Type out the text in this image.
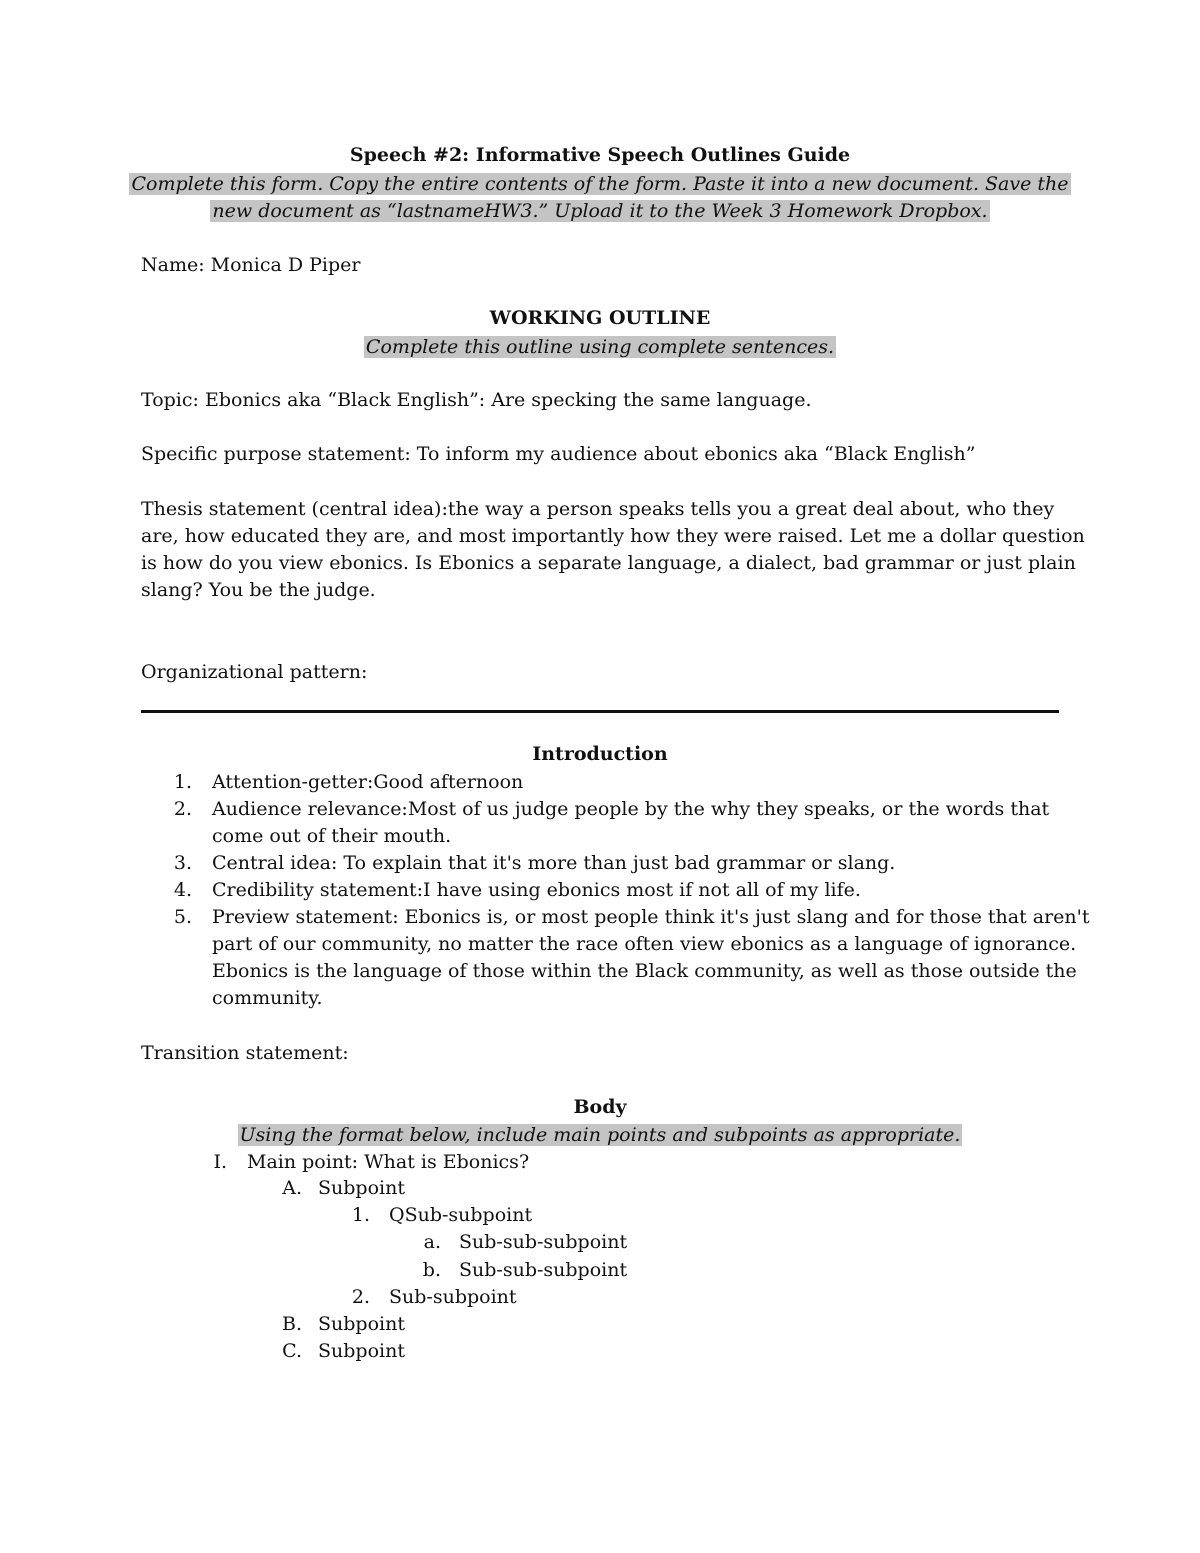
Speech #2: Informative Speech Outlines Guide
Complete this form. Copy the entire contents of the form. Paste it into a new document. Save the
new document as “lastnameHW3.” Upload it to the Week 3 Homework Dropbox.
Name: Monica D Piper
WORKING OUTLINE
Complete this outline using complete sentences.
Topic: Ebonics aka “Black English”: Are specking the same language.
Specific purpose statement: To inform my audience about ebonics aka “Black English”
Thesis statement (central idea):the way a person speaks tells you a great deal about, who they
are, how educated they are, and most importantly how they were raised. Let me a dollar question
is how do you view ebonics. Is Ebonics a separate language, a dialect, bad grammar or just plain
slang? You be the judge.
Organizational pattern:
Introduction
1. Attention-getter:Good afternoon
2. Audience relevance:Most of us judge people by the why they speaks, or the words that
come out of their mouth.
3. Central idea: To explain that it's more than just bad grammar or slang.
4. Credibility statement:I have using ebonics most if not all of my life.
5. Preview statement: Ebonics is, or most people think it's just slang and for those that aren't
part of our community, no matter the race often view ebonics as a language of ignorance.
Ebonics is the language of those within the Black community, as well as those outside the
community.
Transition statement:
Body
Using the format below, include main points and subpoints as appropriate.
I. Main point: What is Ebonics?
A. Subpoint
1. QSub-subpoint
a. Sub-sub-subpoint
b. Sub-sub-subpoint
2. Sub-subpoint
B. Subpoint
C. Subpoint
